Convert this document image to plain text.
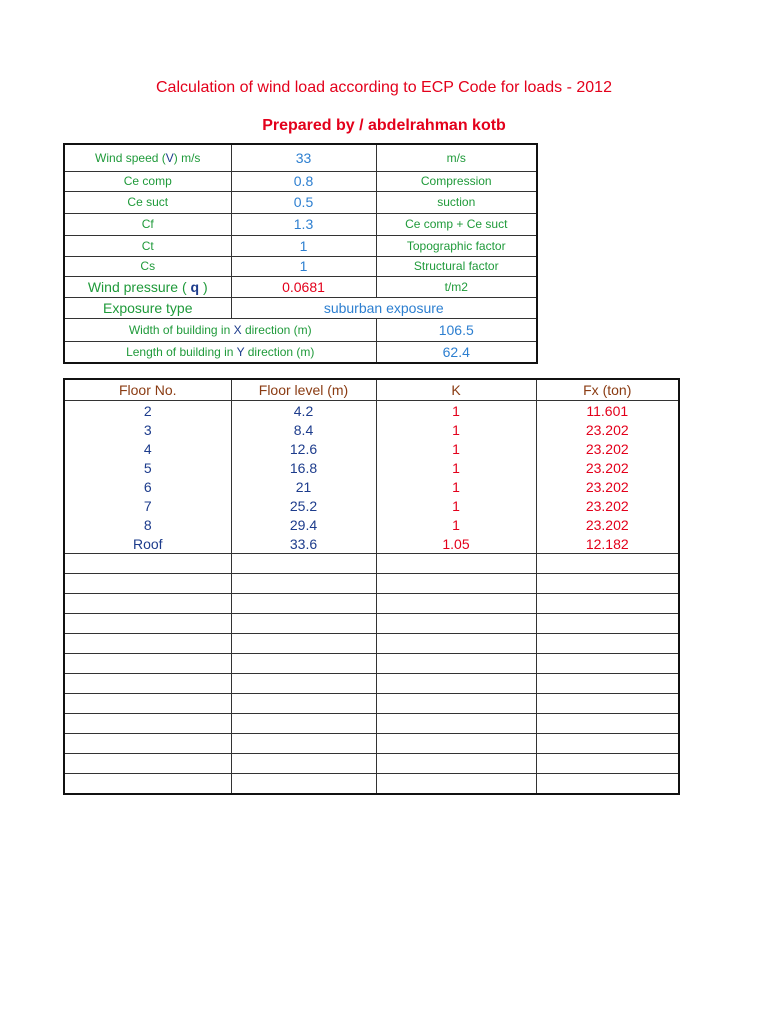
Calculation of wind load according to ECP Code for loads - 2012
Prepared by / abdelrahman kotb
Wind speed (V) m/s	33	m/s
Ce comp	0.8	Compression
Ce suct	0.5	suction
Cf	1.3	Ce comp + Ce suct
Ct	1	Topographic factor
Cs	1	Structural factor
Wind pressure ( q )	0.0681	t/m2
Exposure type	suburban exposure	
Width of building in X direction (m)		106.5
Length of building in Y direction (m)		62.4
Floor No.	Floor level (m)	K	Fx (ton)
2	4.2	1	11.601
3	8.4	1	23.202
4	12.6	1	23.202
5	16.8	1	23.202
6	21	1	23.202
7	25.2	1	23.202
8	29.4	1	23.202
Roof	33.6	1.05	12.182
